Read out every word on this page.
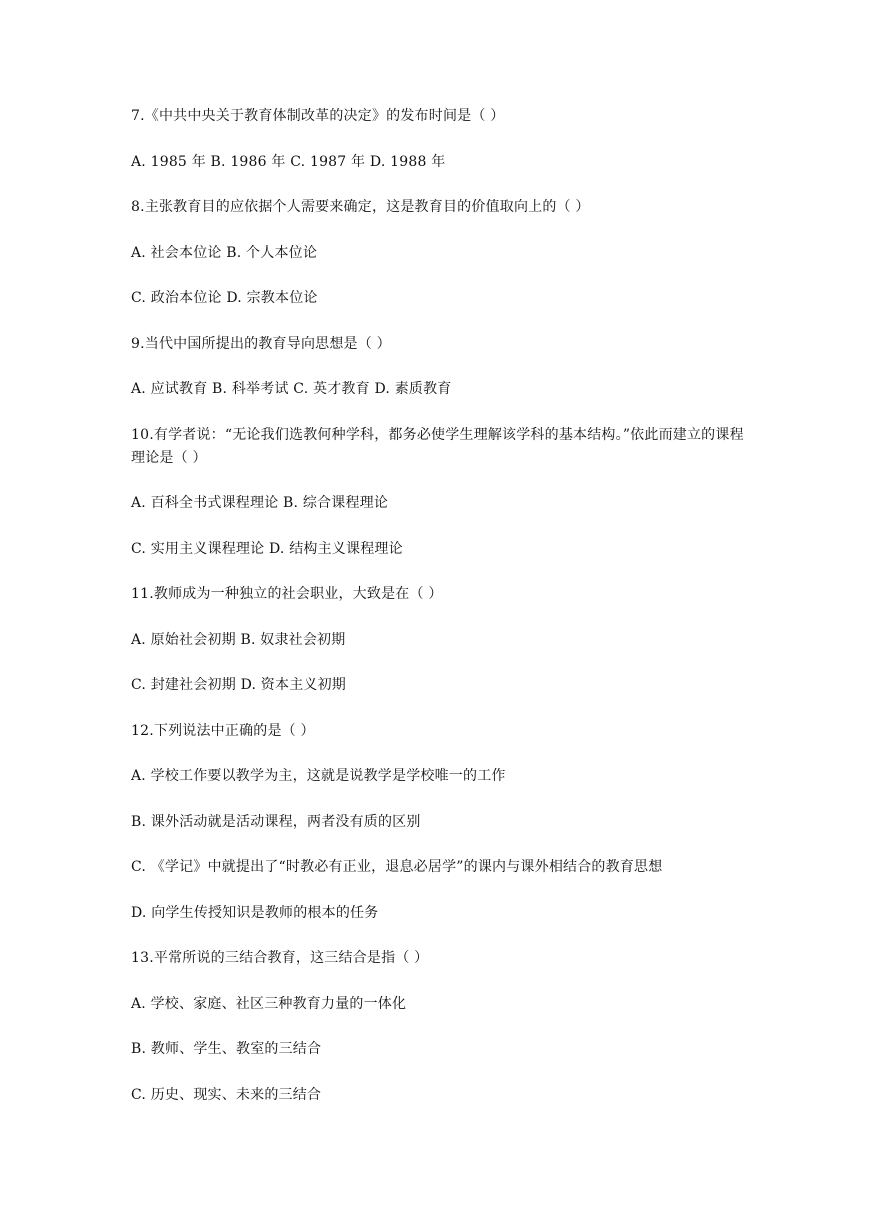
7.《中共中央关于教育体制改革的决定》的发布时间是（ ）
A. 1985 年 B. 1986 年 C. 1987 年 D. 1988 年
8.主张教育目的应依据个人需要来确定，这是教育目的价值取向上的（ ）
A. 社会本位论 B. 个人本位论
C. 政治本位论 D. 宗教本位论
9.当代中国所提出的教育导向思想是（ ）
A. 应试教育 B. 科举考试 C. 英才教育 D. 素质教育
10.有学者说：“无论我们选教何种学科，都务必使学生理解该学科的基本结构。”依此而建立的课程理论是（ ）
A. 百科全书式课程理论 B. 综合课程理论
C. 实用主义课程理论 D. 结构主义课程理论
11.教师成为一种独立的社会职业，大致是在（ ）
A. 原始社会初期 B. 奴隶社会初期
C. 封建社会初期 D. 资本主义初期
12.下列说法中正确的是（ ）
A. 学校工作要以教学为主，这就是说教学是学校唯一的工作
B. 课外活动就是活动课程，两者没有质的区别
C. 《学记》中就提出了“时教必有正业，退息必居学”的课内与课外相结合的教育思想
D. 向学生传授知识是教师的根本的任务
13.平常所说的三结合教育，这三结合是指（ ）
A. 学校、家庭、社区三种教育力量的一体化
B. 教师、学生、教室的三结合
C. 历史、现实、未来的三结合
